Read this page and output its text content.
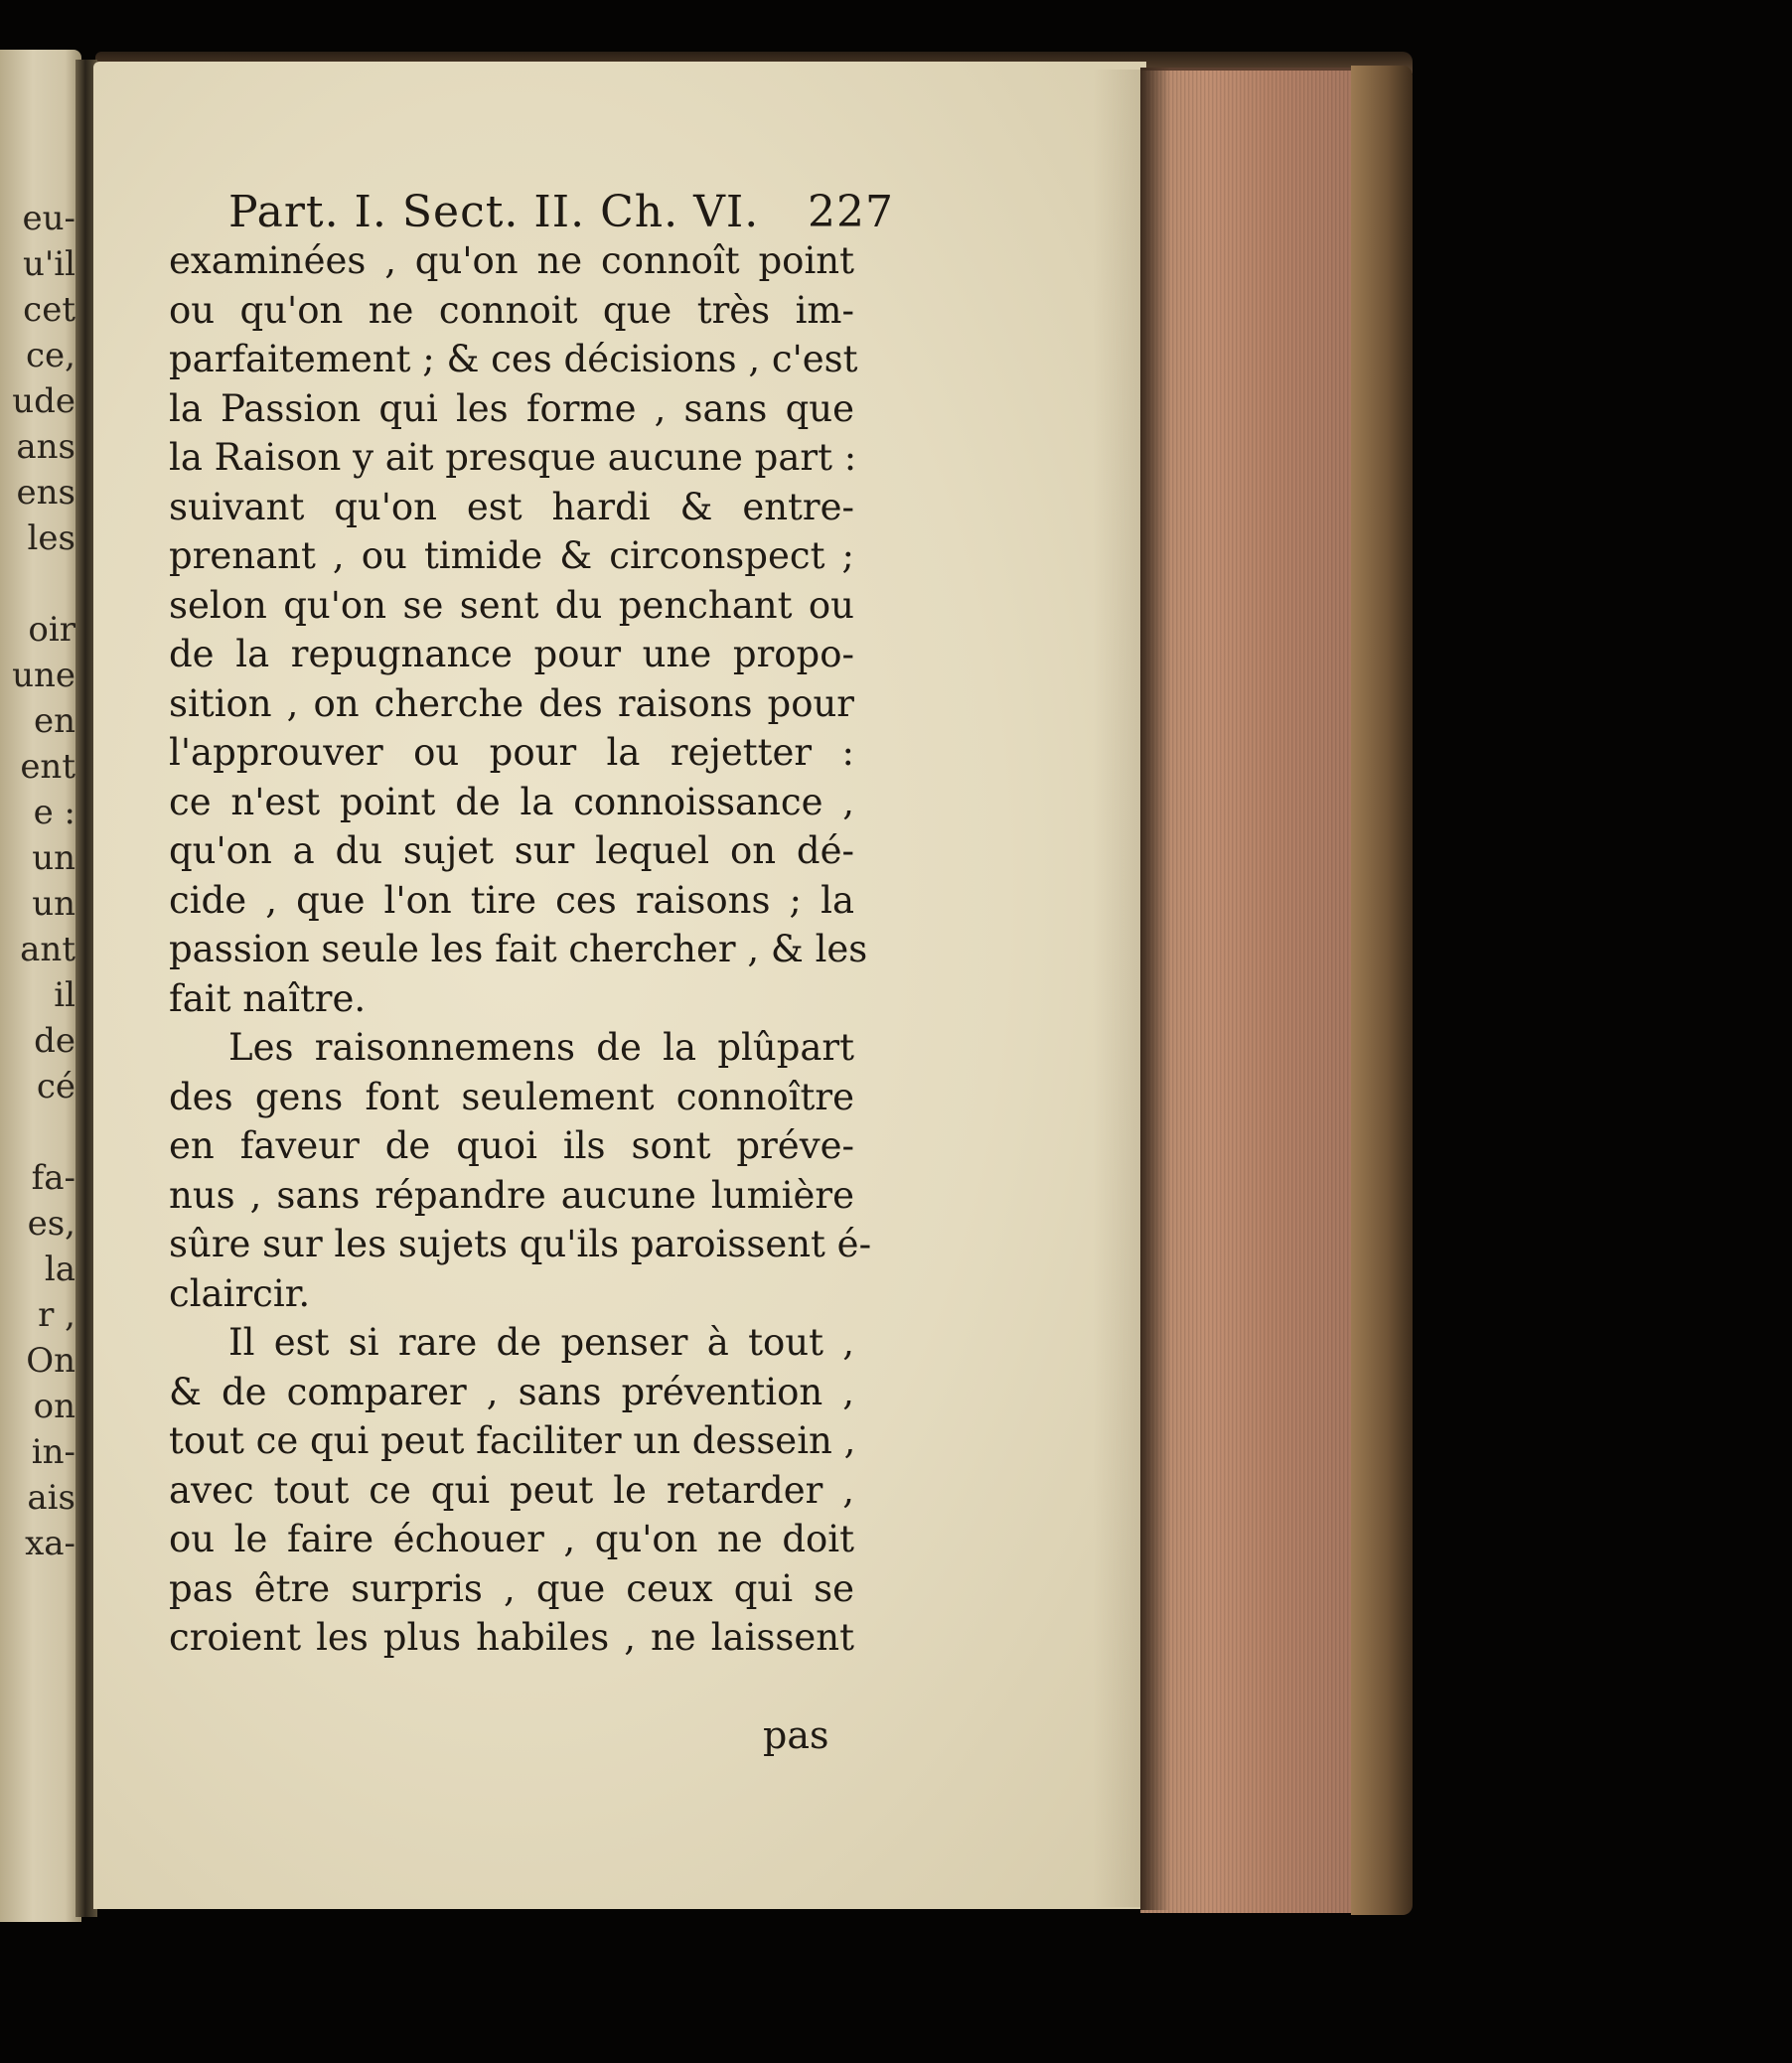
eu-
u'il
cet
ce,
ude
ans
ens
les
oir
une
en
ent
e :
un
un
ant
il
de
cé
fa-
es,
la
r ,
On
on
in-
ais
xa-
Part. I. Sect. II. Ch. VI. 227
examinées , qu'on ne connoît point
ou qu'on ne connoit que très im-
parfaitement ; & ces décisions , c'est
la Passion qui les forme , sans que
la Raison y ait presque aucune part :
suivant qu'on est hardi & entre-
prenant , ou timide & circonspect ;
selon qu'on se sent du penchant ou
de la repugnance pour une propo-
sition , on cherche des raisons pour
l'approuver ou pour la rejetter :
ce n'est point de la connoissance ,
qu'on a du sujet sur lequel on dé-
cide , que l'on tire ces raisons ; la
passion seule les fait chercher , & les
fait naître.
Les raisonnemens de la plûpart
des gens font seulement connoître
en faveur de quoi ils sont préve-
nus , sans répandre aucune lumière
sûre sur les sujets qu'ils paroissent é-
claircir.
Il est si rare de penser à tout ,
& de comparer , sans prévention ,
tout ce qui peut faciliter un dessein ,
avec tout ce qui peut le retarder ,
ou le faire échouer , qu'on ne doit
pas être surpris , que ceux qui se
croient les plus habiles , ne laissent
pas
